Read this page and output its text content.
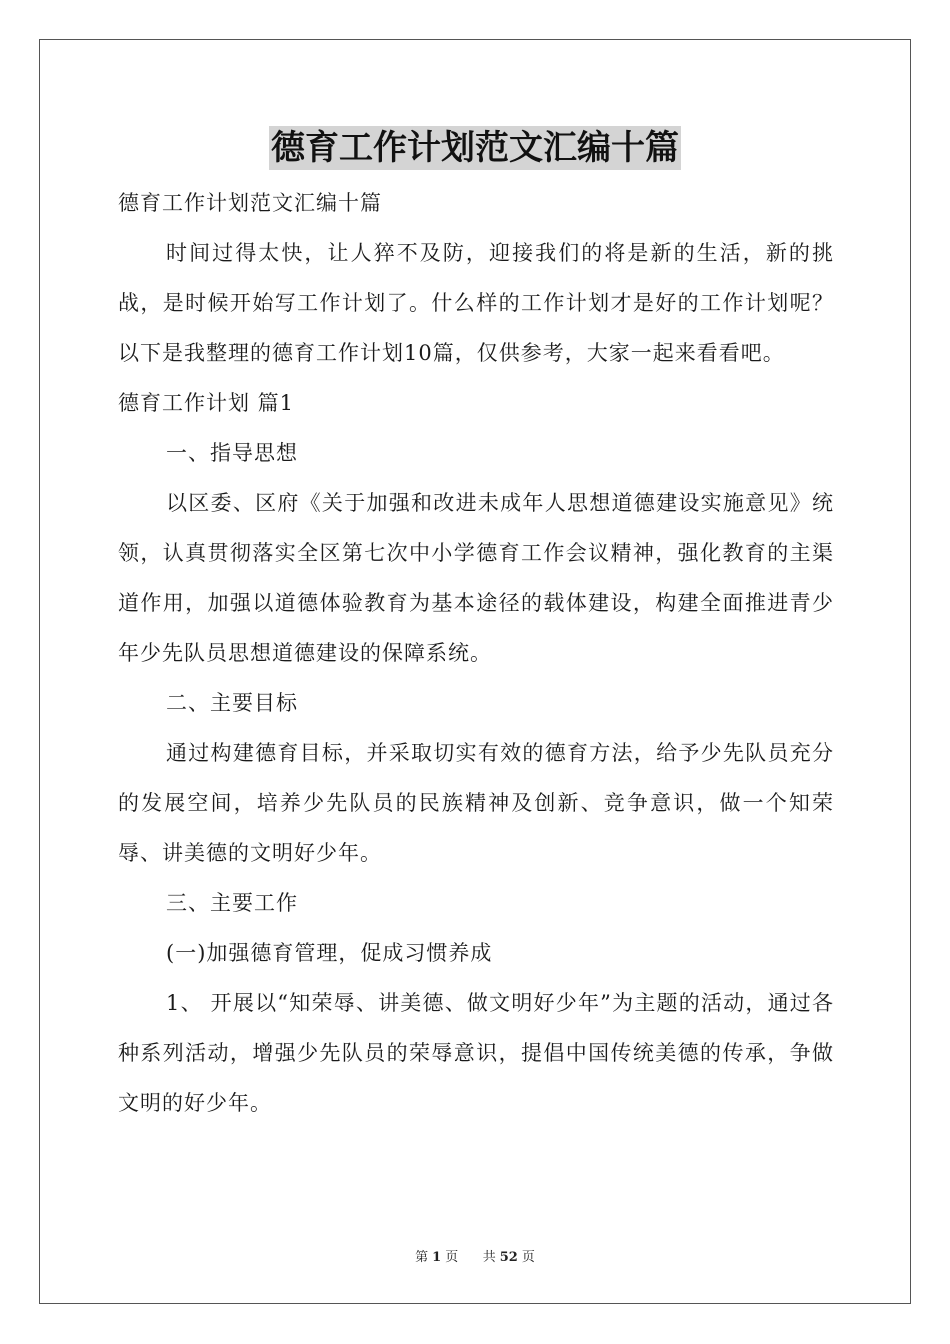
德育工作计划范文汇编十篇

德育工作计划范文汇编十篇

时间过得太快，让人猝不及防，迎接我们的将是新的生活，新的挑战，是时候开始写工作计划了。什么样的工作计划才是好的工作计划呢？以下是我整理的德育工作计划10篇，仅供参考，大家一起来看看吧。

德育工作计划 篇1

一、指导思想

以区委、区府《关于加强和改进未成年人思想道德建设实施意见》统领，认真贯彻落实全区第七次中小学德育工作会议精神，强化教育的主渠道作用，加强以道德体验教育为基本途径的载体建设，构建全面推进青少年少先队员思想道德建设的保障系统。

二、主要目标

通过构建德育目标，并采取切实有效的德育方法，给予少先队员充分的发展空间，培养少先队员的民族精神及创新、竞争意识，做一个知荣辱、讲美德的文明好少年。

三、主要工作

(一)加强德育管理，促成习惯养成

1、 开展以“知荣辱、讲美德、做文明好少年”为主题的活动，通过各种系列活动，增强少先队员的荣辱意识，提倡中国传统美德的传承，争做文明的好少年。

第 1 页 共 52 页
